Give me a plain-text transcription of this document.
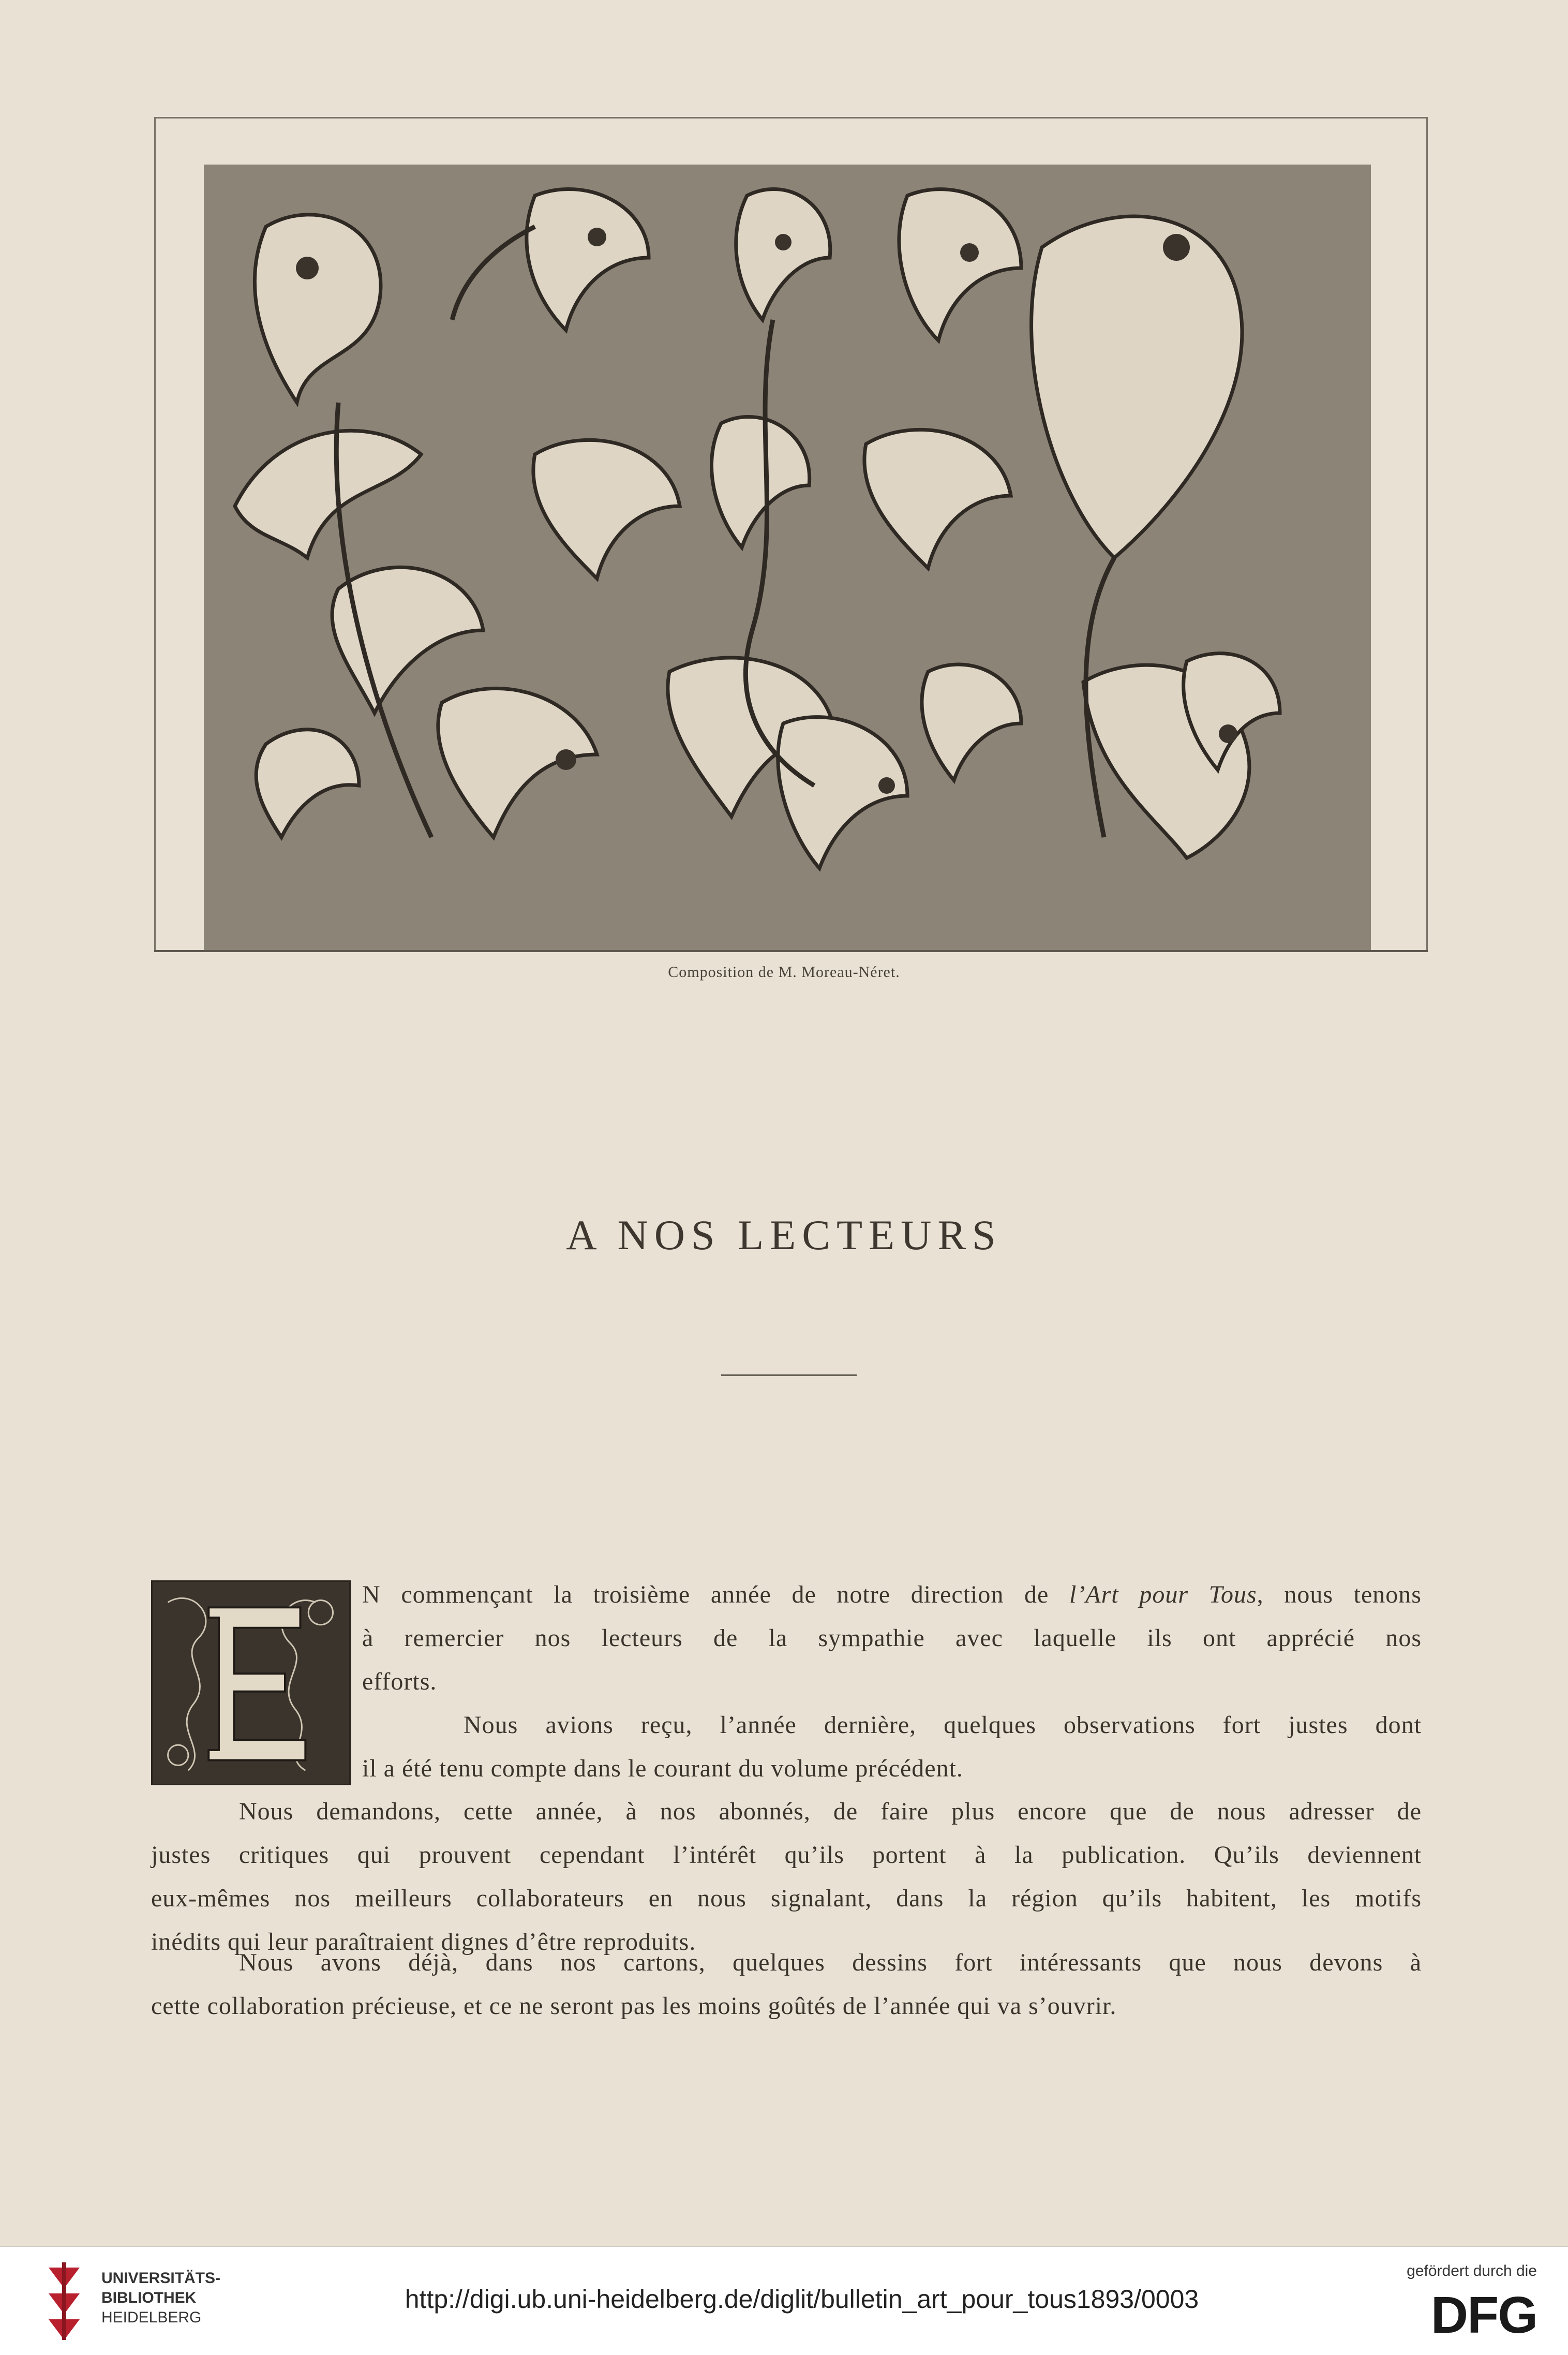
Composition de M. Moreau-Néret.
A NOS LECTEURS
N commençant la troisième année de notre direction de l’Art pour Tous, nous tenons
à remercier nos lecteurs de la sympathie avec laquelle ils ont apprécié nos
efforts.
Nous avions reçu, l’année dernière, quelques observations fort justes dont
il a été tenu compte dans le courant du volume précédent.
Nous demandons, cette année, à nos abonnés, de faire plus encore que de nous adresser de
justes critiques qui prouvent cependant l’intérêt qu’ils portent à la publication. Qu’ils deviennent
eux-mêmes nos meilleurs collaborateurs en nous signalant, dans la région qu’ils habitent, les motifs
inédits qui leur paraîtraient dignes d’être reproduits.
Nous avons déjà, dans nos cartons, quelques dessins fort intéressants que nous devons à
cette collaboration précieuse, et ce ne seront pas les moins goûtés de l’année qui va s’ouvrir.
UNIVERSITÄTS-
BIBLIOTHEK
HEIDELBERG
http://digi.ub.uni-heidelberg.de/diglit/bulletin_art_pour_tous1893/0003
gefördert durch die
DFG
